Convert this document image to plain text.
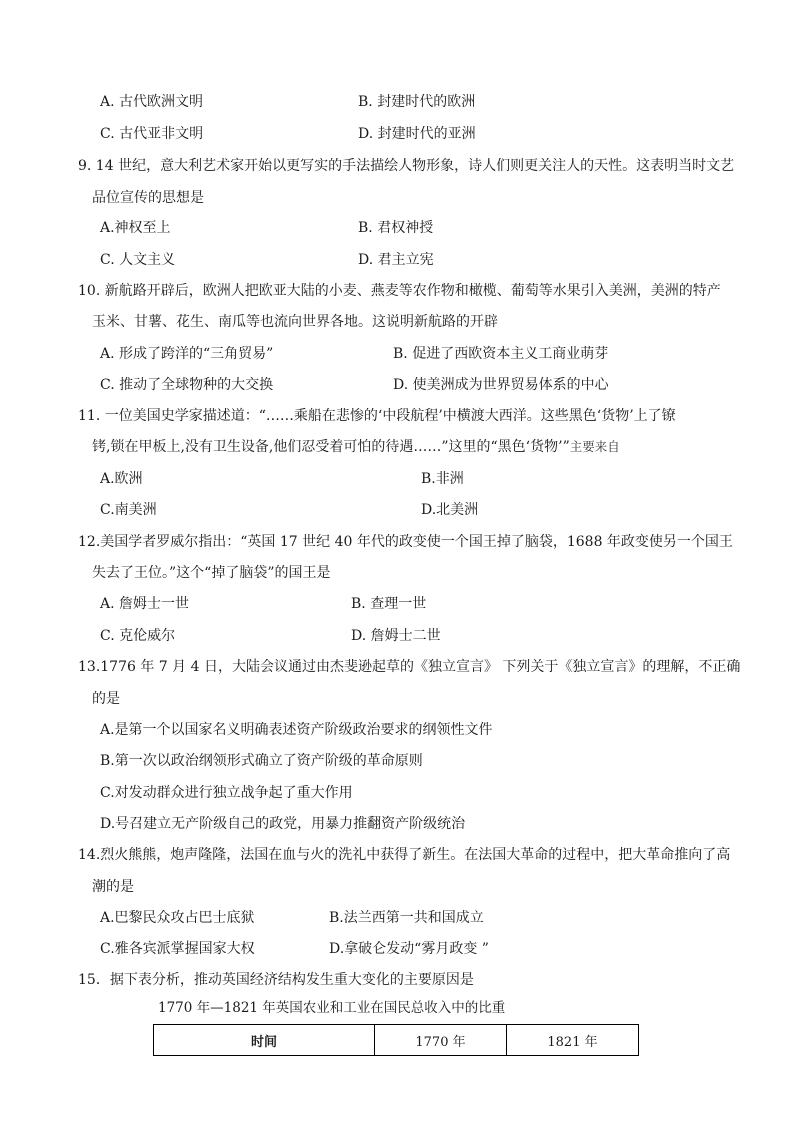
A. 古代欧洲文明	B. 封建时代的欧洲
C. 古代亚非文明	D. 封建时代的亚洲
9. 14 世纪，意大利艺术家开始以更写实的手法描绘人物形象，诗人们则更关注人的天性。这表明当时文艺
品位宣传的思想是
A.神权至上	B. 君权神授
C. 人文主义	D. 君主立宪
10. 新航路开辟后，欧洲人把欧亚大陆的小麦、燕麦等农作物和橄榄、葡萄等水果引入美洲，美洲的特产
玉米、甘薯、花生、南瓜等也流向世界各地。这说明新航路的开辟
A. 形成了跨洋的“三角贸易”	B. 促进了西欧资本主义工商业萌芽
C. 推动了全球物种的大交换	D. 使美洲成为世界贸易体系的中心
11. 一位美国史学家描述道：“……乘船在悲惨的‘中段航程’中横渡大西洋。这些黑色‘货物’上了镣
铐,锁在甲板上,没有卫生设备,他们忍受着可怕的待遇……”这里的“黑色‘货物’”主要来自
A.欧洲	B.非洲
C.南美洲	D.北美洲
12.美国学者罗威尔指出：“英国 17 世纪 40 年代的政变使一个国王掉了脑袋，1688 年政变使另一个国王
失去了王位。”这个“掉了脑袋”的国王是
A. 詹姆士一世	B. 查理一世
C. 克伦威尔	D. 詹姆士二世
13.1776 年 7 月 4 日，大陆会议通过由杰斐逊起草的《独立宣言》 下列关于《独立宣言》的理解，不正确
的是
A.是第一个以国家名义明确表述资产阶级政治要求的纲领性文件
B.第一次以政治纲领形式确立了资产阶级的革命原则
C.对发动群众进行独立战争起了重大作用
D.号召建立无产阶级自己的政党，用暴力推翻资产阶级统治
14.烈火熊熊，炮声隆隆，法国在血与火的洗礼中获得了新生。在法国大革命的过程中，把大革命推向了高
潮的是
A.巴黎民众攻占巴士底狱	B.法兰西第一共和国成立
C.雅各宾派掌握国家大权	D.拿破仑发动“雾月政变 ”
15．据下表分析，推动英国经济结构发生重大变化的主要原因是
1770 年—1821 年英国农业和工业在国民总收入中的比重
时间	1770 年	1821 年
